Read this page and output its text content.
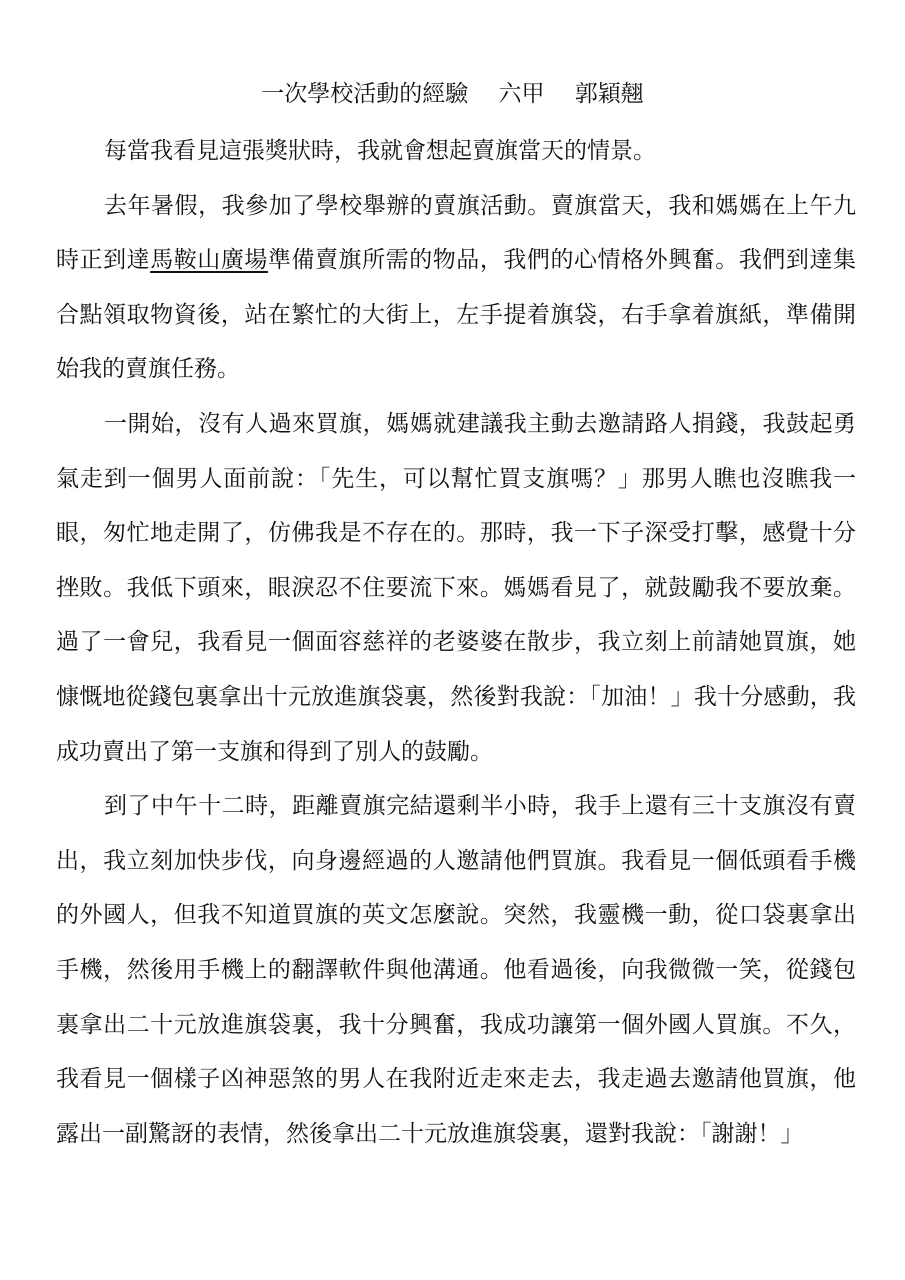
一次學校活動的經驗　 六甲　 郭穎翹

每當我看見這張獎狀時，我就會想起賣旗當天的情景。

去年暑假，我參加了學校舉辦的賣旗活動。賣旗當天，我和媽媽在上午九時正到達馬鞍山廣場準備賣旗所需的物品，我們的心情格外興奮。我們到達集合點領取物資後，站在繁忙的大街上，左手提着旗袋，右手拿着旗紙，準備開始我的賣旗任務。

一開始，沒有人過來買旗，媽媽就建議我主動去邀請路人捐錢，我鼓起勇氣走到一個男人面前說：「先生，可以幫忙買支旗嗎？」那男人瞧也沒瞧我一眼，匆忙地走開了，仿佛我是不存在的。那時，我一下子深受打擊，感覺十分挫敗。我低下頭來，眼淚忍不住要流下來。媽媽看見了，就鼓勵我不要放棄。過了一會兒，我看見一個面容慈祥的老婆婆在散步，我立刻上前請她買旗，她慷慨地從錢包裏拿出十元放進旗袋裏，然後對我說：「加油！」我十分感動，我成功賣出了第一支旗和得到了別人的鼓勵。

到了中午十二時，距離賣旗完結還剩半小時，我手上還有三十支旗沒有賣出，我立刻加快步伐，向身邊經過的人邀請他們買旗。我看見一個低頭看手機的外國人，但我不知道買旗的英文怎麼說。突然，我靈機一動，從口袋裏拿出手機，然後用手機上的翻譯軟件與他溝通。他看過後，向我微微一笑，從錢包裏拿出二十元放進旗袋裏，我十分興奮，我成功讓第一個外國人買旗。不久，我看見一個樣子凶神惡煞的男人在我附近走來走去，我走過去邀請他買旗，他露出一副驚訝的表情，然後拿出二十元放進旗袋裏，還對我說：「謝謝！」
